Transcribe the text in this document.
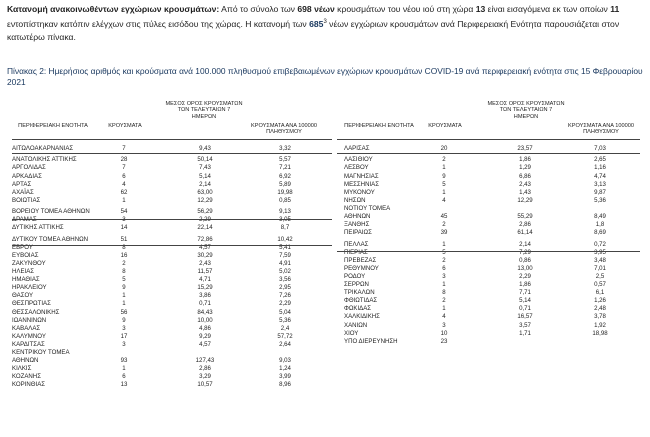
Κατανομή ανακοινωθέντων εγχώριων κρουσμάτων: Από το σύνολο των 698 νέων κρουσμάτων του νέου ιού στη χώρα 13 είναι εισαγόμενα εκ των οποίων 11 εντοπίστηκαν κατόπιν ελέγχων στις πύλες εισόδου της χώρας. Η κατανομή των $685^3$ νέων εγχώριων κρουσμάτων ανά Περιφερειακή Ενότητα παρουσιάζεται στον κατωτέρω πίνακα.
Πίνακας 2: Ημερήσιος αριθμός και κρούσματα ανά 100.000 πληθυσμού επιβεβαιωμένων εγχώριων κρουσμάτων COVID-19 ανά περιφερειακή ενότητα στις 15 Φεβρουαρίου 2021
ΠΕΡΙΦΕΡΕΙΑΚΗ ΕΝΟΤΗΤΑ	ΚΡΟΥΣΜΑΤΑ
ΜΕΣΟΣ ΟΡΟΣ ΚΡΟΥΣΜΑΤΩΝ ΤΩΝ ΤΕΛΕΥΤΑΙΩΝ 7 ΗΜΕΡΩΝ
ΚΡΟΥΣΜΑΤΑ ΑΝΑ 100000 ΠΛΗΘΥΣΜΟΥ
ΠΕΡΙΦΕΡΕΙΑΚΗ ΕΝΟΤΗΤΑ	ΚΡΟΥΣΜΑΤΑ
ΜΕΣΟΣ ΟΡΟΣ ΚΡΟΥΣΜΑΤΩΝ ΤΩΝ ΤΕΛΕΥΤΑΙΩΝ 7 ΗΜΕΡΩΝ
ΚΡΟΥΣΜΑΤΑ ΑΝΑ 100000 ΠΛΗΘΥΣΜΟΥ
ΑΙΤΩΛΟΑΚΑΡΝΑΝΙΑΣ	7	9,43	3,32
ΑΝΑΤΟΛΙΚΗΣ ΑΤΤΙΚΗΣ	28	50,14	5,57
ΑΡΓΟΛΙΔΑΣ	7	7,43	7,21
ΑΡΚΑΔΙΑΣ	6	5,14	6,92
ΑΡΤΑΣ	4	2,14	5,89
ΑΧΑΪΑΣ	62	63,00	19,98
ΒΟΙΩΤΙΑΣ	1	12,29	0,85
ΒΟΡΕΙΟΥ ΤΟΜΕΑ ΑΘΗΝΩΝ	54	56,29	9,13
ΔΡΑΜΑΣ	3	2,29	3,05
ΔΥΤΙΚΗΣ ΑΤΤΙΚΗΣ	14	22,14	8,7
ΔΥΤΙΚΟΥ ΤΟΜΕΑ ΑΘΗΝΩΝ	51	72,86	10,42
ΕΒΡΟΥ	8	4,57	5,41
ΕΥΒΟΙΑΣ	16	30,29	7,59
ΖΑΚΥΝΘΟΥ	2	2,43	4,91
ΗΛΕΙΑΣ	8	11,57	5,02
ΗΜΑΘΙΑΣ	5	4,71	3,56
ΗΡΑΚΛΕΙΟΥ	9	15,29	2,95
ΘΑΣΟΥ	1	3,86	7,26
ΘΕΣΠΡΩΤΙΑΣ	1	0,71	2,29
ΘΕΣΣΑΛΟΝΙΚΗΣ	56	84,43	5,04
ΙΩΑΝΝΙΝΩΝ	9	10,00	5,36
ΚΑΒΑΛΑΣ	3	4,86	2,4
ΚΑΛΥΜΝΟΥ	17	9,29	57,72
ΚΑΡΔΙΤΣΑΣ	3	4,57	2,64
ΚΕΝΤΡΙΚΟΥ ΤΟΜΕΑ
ΑΘΗΝΩΝ	93	127,43	9,03
ΚΙΛΚΙΣ	1	2,86	1,24
ΚΟΖΑΝΗΣ	6	3,29	3,99
ΚΟΡΙΝΘΙΑΣ	13	10,57	8,96
ΛΑΡΙΣΑΣ	20	23,57	7,03
ΛΑΣΙΘΙΟΥ	2	1,86	2,65
ΛΕΣΒΟΥ	1	1,29	1,16
ΜΑΓΝΗΣΙΑΣ	9	6,86	4,74
ΜΕΣΣΗΝΙΑΣ	5	2,43	3,13
ΜΥΚΟΝΟΥ	1	1,43	9,87
ΝΗΣΩΝ	4	12,29	5,36
ΝΟΤΙΟΥ ΤΟΜΕΑ
ΑΘΗΝΩΝ	45	55,29	8,49
ΞΑΝΘΗΣ	2	2,86	1,8
ΠΕΙΡΑΙΩΣ	39	61,14	8,69
ΠΕΛΛΑΣ	1	2,14	0,72
ΠΙΕΡΙΑΣ	5	7,29	3,95
ΠΡΕΒΕΖΑΣ	2	0,86	3,48
ΡΕΘΥΜΝΟΥ	6	13,00	7,01
ΡΟΔΟΥ	3	2,29	2,5
ΣΕΡΡΩΝ	1	1,86	0,57
ΤΡΙΚΑΛΩΝ	8	7,71	6,1
ΦΘΙΩΤΙΔΑΣ	2	5,14	1,26
ΦΩΚΙΔΑΣ	1	0,71	2,48
ΧΑΛΚΙΔΙΚΗΣ	4	16,57	3,78
ΧΑΝΙΩΝ	3	3,57	1,92
ΧΙΟΥ	10	1,71	18,98
ΥΠΟ ΔΙΕΡΕΥΝΗΣΗ	23
